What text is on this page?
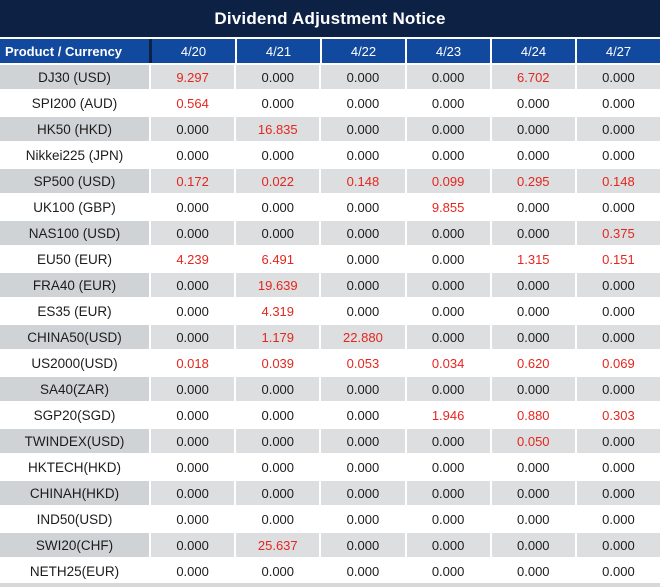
Dividend Adjustment Notice
Product / Currency	4/20	4/21	4/22	4/23	4/24	4/27
DJ30 (USD)	9.297	0.000	0.000	0.000	6.702	0.000
SPI200 (AUD)	0.564	0.000	0.000	0.000	0.000	0.000
HK50 (HKD)	0.000	16.835	0.000	0.000	0.000	0.000
Nikkei225 (JPN)	0.000	0.000	0.000	0.000	0.000	0.000
SP500 (USD)	0.172	0.022	0.148	0.099	0.295	0.148
UK100 (GBP)	0.000	0.000	0.000	9.855	0.000	0.000
NAS100 (USD)	0.000	0.000	0.000	0.000	0.000	0.375
EU50 (EUR)	4.239	6.491	0.000	0.000	1.315	0.151
FRA40 (EUR)	0.000	19.639	0.000	0.000	0.000	0.000
ES35 (EUR)	0.000	4.319	0.000	0.000	0.000	0.000
CHINA50(USD)	0.000	1.179	22.880	0.000	0.000	0.000
US2000(USD)	0.018	0.039	0.053	0.034	0.620	0.069
SA40(ZAR)	0.000	0.000	0.000	0.000	0.000	0.000
SGP20(SGD)	0.000	0.000	0.000	1.946	0.880	0.303
TWINDEX(USD)	0.000	0.000	0.000	0.000	0.050	0.000
HKTECH(HKD)	0.000	0.000	0.000	0.000	0.000	0.000
CHINAH(HKD)	0.000	0.000	0.000	0.000	0.000	0.000
IND50(USD)	0.000	0.000	0.000	0.000	0.000	0.000
SWI20(CHF)	0.000	25.637	0.000	0.000	0.000	0.000
NETH25(EUR)	0.000	0.000	0.000	0.000	0.000	0.000
